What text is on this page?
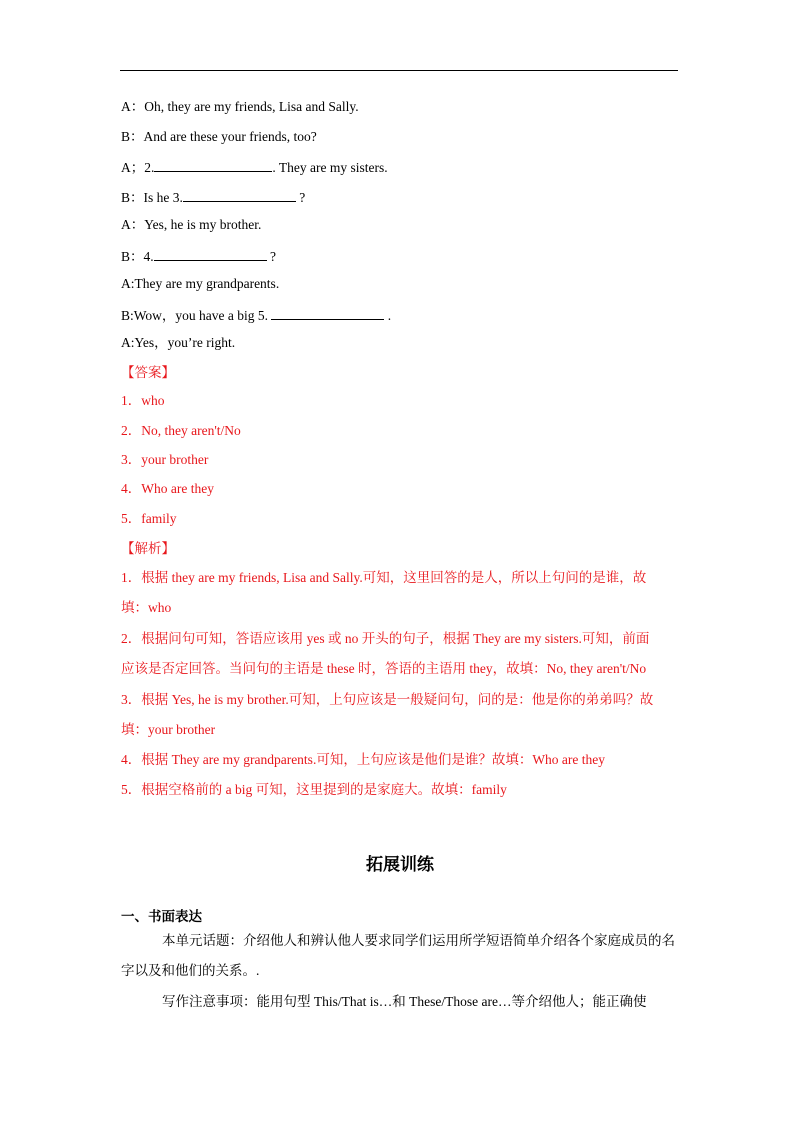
A：Oh, they are my friends, Lisa and Sally.
B：And are these your friends, too?
A；2.	. They are my sisters.
B：Is he 3.	?
A：Yes, he is my brother.
B：4.	?
A:They are my grandparents.
B:Wow，you have a big 5.	.
A:Yes，you’re right.
【答案】
1．who
2．No, they aren't/No
3．your brother
4．Who are they
5．family
【解析】
1．根据 they are my friends, Lisa and Sally.可知，这里回答的是人，所以上句问的是谁，故
填：who
2．根据问句可知，答语应该用 yes 或 no 开头的句子，根据 They are my sisters.可知，前面
应该是否定回答。当问句的主语是 these 时，答语的主语用 they，故填：No, they aren't/No
3．根据 Yes, he is my brother.可知，上句应该是一般疑问句，问的是：他是你的弟弟吗？故
填：your brother
4．根据 They are my grandparents.可知，上句应该是他们是谁？故填：Who are they
5．根据空格前的 a big 可知，这里提到的是家庭大。故填：family
拓展训练
一、书面表达
本单元话题：介绍他人和辨认他人要求同学们运用所学短语简单介绍各个家庭成员的名字以及和他们的关系。.
写作注意事项：能用句型 This/That is…和 These/Those are…等介绍他人；能正确使
